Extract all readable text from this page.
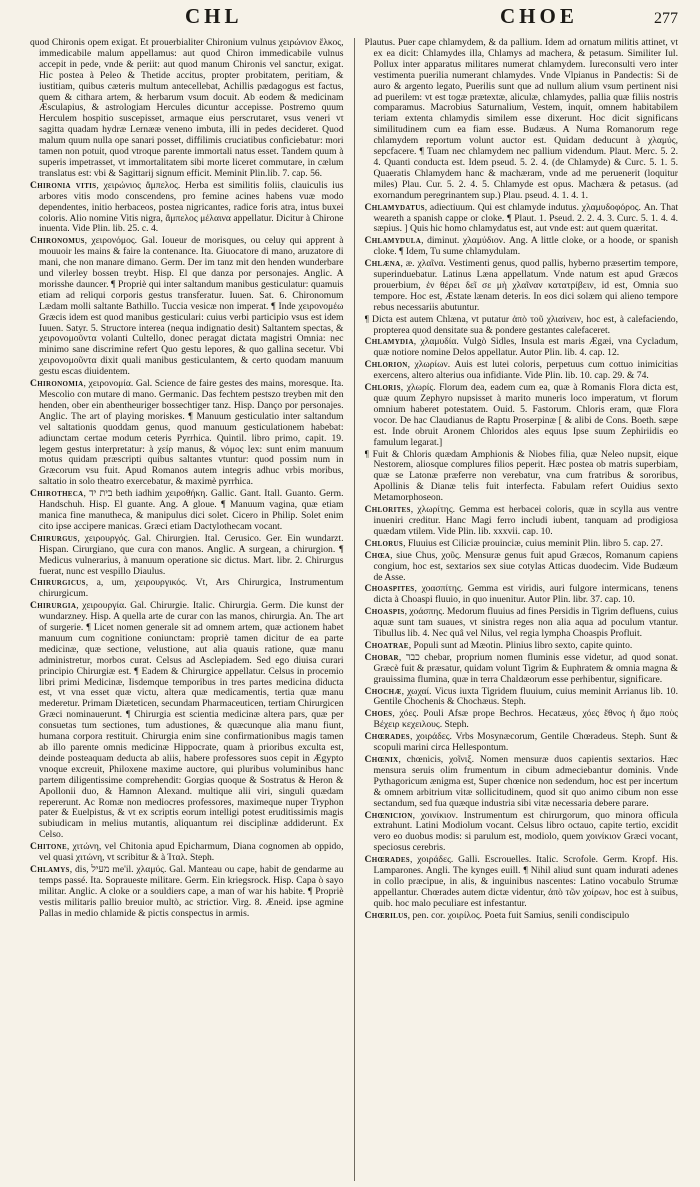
CHL	CHOE	277

quod Chironis opem exigat. Et prouerbialiter Chironium vulnus χειρώνιον ἕλκος, immedicabile malum appellamus: aut quod Chiron immedicabile vulnus accepit in pede, vnde & periit: aut quod manum Chironis vel sanctur, exigat. Hic postea à Peleo & Thetide accitus, propter probitatem, peritiam, & iustitiam, quibus cæteris multum antecellebat, Achillis pædagogus est factus, quem & cithara artem, & herbarum vsum docuit. Ab eodem & medicinam Æsculapius, & astrologiam Hercules dicuntur accepisse. Postremo quum Herculem hospitio suscepisset, armaque eius perscrutaret, vsus veneri vt sagitta quadam hydræ Lernææ veneno imbuta, illi in pedes decideret. Quod malum quum nulla ope sanari posset, diffilimis cruciatibus conficiebatur: mori tamen non potuit, quod vtroque parente immortali natus esset. Tandem quum à superis impetrasset, vt immortalitatem sibi morte liceret commutare, in cælum translatus est: vbi & Sagittarij signum efficit. Meminit Plin.lib. 7. cap. 56.

Chironia vitis, χειρώνιος ἄμπελος. Herba est similitis foliis, clauiculis ius arbores vitis modo conscendens, pro femine acines habens vuæ modo dependentes, initio herbaceos, postea nigricantes, radice foris atra, intus buxei coloris. Alio nomine Vitis nigra, ἄμπελος μέλαινα appellatur. Dicitur à Chirone inuenta. Vide Plin. lib. 25. c. 4.

Chironomus, χειρονόμος. Gal. Ioueur de morisques, ou celuy qui apprent à mouuoir les mains & faire la contenance. Ita. Giuocatore di mano, aruzatore di mani, che non manare dimano. Germ. Der im tanz mit den henden wunderbare und vilerley bossen treybt. Hisp. El que danza por personajes. Anglic. A morisshe dauncer. ¶ Propriè qui inter saltandum manibus gesticulatur: quamuis etiam ad reliqui corporis gestus transferatur. Iuuen. Sat. 6. Chironomum Lædam molli saltante Bathillo. Tuccia vesicæ non imperat. ¶ Inde χειρονομέω Græcis idem est quod manibus gesticulari: cuius verbi participio vsus est idem Iuuen. Satyr. 5. Structore interea (nequa indignatio desit) Saltantem spectas, & χειρονομοῦντα volanti Cultello, donec peragat dictata magistri Omnia: nec minimo sane discrimine refert Quo gestu lepores, & quo gallina secetur. Vbi χειρονομοῦντα dixit quali manibus gesticulantem, & certo quodam manuum gestu escas diuidentem.

Chironomia, χειρονομία. Gal. Science de faire gestes des mains, moresque. Ita. Mescolio con mutare di mano. Germanic. Das fechtem pestszo treyben mit den henden, ober ein abentheuriger bossechtiger tanz. Hisp. Danço por personajes. Anglic. The art of playing moriskes. ¶ Manuum gesticulatio inter saltandum vel saltationis quoddam genus, quod manuum gesticulationem habebat: adiunctam certae modum ceteris Pyrrhica. Quintil. libro primo, capit. 19. legem gestus interpretatur: à χείρ manus, & νόμος lex: sunt enim manuum motus quidam præscripti quibus saltantes vtuntur: quod possim num in Græcorum vsu fuit. Apud Romanos autem integris adhuc vrbis moribus, saltatio in solo theatro exercebatur, & maximè pyrrhica.

Chirotheca, בית יד beth iadhim χειροθήκη. Gallic. Gant. Itall. Guanto. Germ. Handschuh. Hisp. El guante. Ang. A gloue. ¶ Manuum vagina, quæ etiam manica fine manutheca, & manipulus dici solet. Cicero in Philip. Solet enim cito ipse accipere manicas. Græci etiam Dactylothecam vocant.

Chirurgus, χειρουργός. Gal. Chirurgien. Ital. Cerusico. Ger. Ein wundarzt. Hispan. Cirurgiano, que cura con manos. Anglic. A surgean, a chirurgion. ¶ Medicus vulnerarius, à manuum operatione sic dictus. Mart. libr. 2. Chirurgus fuerat, nunc est vespillo Diaulus.

Chirurgicus, a, um, χειρουργικός. Vt, Ars Chirurgica, Instrumentum chirurgicum.

Chirurgia, χειρουργία. Gal. Chirurgie. Italic. Chirurgia. Germ. Die kunst der wundarzney. Hisp. A quella arte de curar con las manos, chirurgia. An. The art of surgerie. ¶ Licet nomen generale sit ad omnem artem, quæ actionem habet manuum cum cognitione coniunctam: propriè tamen dicitur de ea parte medicinæ, quæ sectione, velustione, aut alia quauis ratione, quæ manu administretur, morbos curat. Celsus ad Asclepiadem. Sed ego diuisa curari principio Chirurgiæ est. ¶ Eadem & Chirurgice appellatur. Celsus in procemio libri primi Medicinæ, Iisdemque temporibus in tres partes medicina diducta est, vt vna esset quæ victu, altera quæ medicamentis, tertia quæ manu mederetur. Primam Diæteticen, secundam Pharmaceuticen, tertiam Chirurgicen Græci nominauerunt. ¶ Chirurgia est scientia medicinæ altera pars, quæ per consuetas tum sectiones, tum adustiones, & quæcunque alia manu fiunt, humana corpora restituit. Chirurgia enim sine confirmationibus magis tamen ab illo parente omnis medicinæ Hippocrate, quam à prioribus exculta est, deinde posteaquam deducta ab aliis, habere professores suos cepit in Ægypto vnoque excreuit, Philoxene maxime auctore, qui pluribus voluminibus hanc partem diligentissime comprehendit: Gorgias quoque & Sostratus & Heron & Apollonii duo, & Hamnon Alexand. multique alii viri, singuli quædam repererunt. Ac Romæ non mediocres professores, maximeque nuper Tryphon pater & Euelpistus, & vt ex scriptis eorum intelligi potest eruditissimis magis subiudicam in melius mutantis, aliquantum rei disciplinæ addiderunt. Ex Celso.

Chitone, χιτώνη, vel Chitonia apud Epicharmum, Diana cognomen ab oppido, vel quasi χιτώνη, vt scribitur & à Ίταλ. Steph.

Chlamys, dis, מעיל me'il. χλαμύς. Gal. Manteau ou cape, habit de gendarme au temps passé. Ita. Sopraueste militare. Germ. Ein kriegsrock. Hisp. Capa ò sayo militar. Anglic. A cloke or a souldiers cape, a man of war his habite. ¶ Propriè vestis militaris pallio breuior multò, ac strictior. Virg. 8. Æneid. ipse agmine Pallas in medio chlamide & pictis conspectus in armis.

Plautus. Puer cape chlamydem, & da pallium. Idem ad ornatum militis attinet, vt ex ea dicit: Chlamydes illa, Chlamys ad machera, & petasum. Similiter Iul. Pollux inter apparatus militares numerat chlamydem. Iureconsulti vero inter vestimenta puerilia numerant chlamydes. Vnde Vlpianus in Pandectis: Si de auro & argento legato, Puerilis sunt que ad nullum alium vsum pertinent nisi ad puerilem: vt est togæ prætextæ, aliculæ, chlamydes, pallia quæ filiis nostris comparamus. Macrobius Saturnalium, Vestem, inquit, omnem habitabilem teriam extenta chlamydis similem esse dixerunt. Hoc dicit significans similitudinem cum ea fiam esse. Budæus. A Numa Romanorum rege chlamydem reportum volunt auctor est. Quidam deducunt à χλαμύς, sepcfacere. ¶ Tuam nec chlamydem nec pallium videndum. Plaut. Merc. 5. 2. 4. Quanti conducta est. Idem pseud. 5. 2. 4. (de Chlamyde) & Curc. 5. 1. 5. Quaeratis Chlamydem hanc & machæram, vnde ad me peruenerit (loquitur miles) Plau. Cur. 5. 2. 4. 5. Chlamyde est opus. Machæra & petasus. (ad exornandum peregrinantem sup.) Plau. pseud. 4. 1. 4. 1.

Chlamydatus, adiectiuum. Qui est chlamyde indutus. χλαμυδοφόρος. An. That weareth a spanish cappe or cloke. ¶ Plaut. 1. Pseud. 2. 2. 4. 3. Curc. 5. 1. 4. 4. sæpius. ] Quis hic homo chlamydatus est, aut vnde est: aut quem quæritat.

Chlamydula, diminut. χλαμύδιον. Ang. A little cloke, or a hoode, or spanish cloke. ¶ Idem, Tu sume chlamydulam.

Chlæna, æ. χλαῖνα. Vestimenti genus, quod pallis, hyberno præsertim tempore, superinduebatur. Latinus Læna appellatum. Vnde natum est apud Græcos prouerbium, ἐν θέρει δεῖ σε μὴ χλαῖναν κατατρίβειν, id est, Omnia suo tempore. Hoc est, Æstate lænam deteris. In eos dici solæm qui alieno tempore rebus necessariis abutuntur.

¶ Dicta est autem Chlæna, vt putatur ἀπὸ τοῦ χλιαίνειν, hoc est, à calefaciendo, propterea quod densitate sua & pondere gestantes calefaceret.

Chlamydia, χλαμυδία. Vulgò Sidles, Insula est maris Ægæi, vna Cycladum, quæ notiore nomine Delos appellatur. Autor Plin. lib. 4. cap. 12.

Chlorion, χλωρίων. Auis est lutei coloris, perpetuus cum cottuo inimicitias exercens, altero alterius oua infidiante. Vide Plin. lib. 10. cap. 29. & 74.

Chloris, χλωρίς. Florum dea, eadem cum ea, quæ à Romanis Flora dicta est, quæ quum Zephyro nupsisset à marito muneris loco imperatum, vt florum omnium haberet potestatem. Ouid. 5. Fastorum. Chloris eram, quæ Flora vocor. De hac Claudianus de Raptu Proserpinæ [ & alibi de Cons. Boeth. sæpe est. Inde obruit Aronem Chloridos ales equus Ipse suum Zephiriidis eo famulum legarat.]

¶ Fuit & Chloris quædam Amphionis & Niobes filia, quæ Neleo nupsit, eique Nestorem, aliosque complures filios peperit. Hæc postea ob matris superbiam, quæ se Latonæ præferre non verebatur, vna cum fratribus & sororibus, Apollinis & Dianæ telis fuit interfecta. Fabulam refert Ouidius sexto Metamorphoseon.

Chlorites, χλωρίτης. Gemma est herbacei coloris, quæ in scylla aus ventre inueniri creditur. Hanc Magi ferro includi iubent, tanquam ad prodigiosa quædam vtilem. Vide Plin. lib. xxxvii. cap. 10.

Chlorus, Fluuius est Ciliciæ prouinciæ, cuius meminit Plin. libro 5. cap. 27.

Chœa, siue Chus, χοῦς. Mensuræ genus fuit apud Græcos, Romanum capiens congium, hoc est, sextarios sex siue cotylas Atticas duodecim. Vide Budæum de Asse.

Choaspites, χοασπίτης. Gemma est viridis, auri fulgore intermicans, tenens dicta à Choaspi fluuio, in quo inuenitur. Autor Plin. libr. 37. cap. 10.

Choaspis, χοάσπης. Medorum fluuius ad fines Persidis in Tigrim defluens, cuius aquæ sunt tam suaues, vt sinistra reges non alia aqua ad poculum vtantur. Tibullus lib. 4. Nec quâ vel Nilus, vel regia lympha Choaspis Profluit.

Choatrae, Populi sunt ad Mæotin. Plinius libro sexto, capite quinto.

Chobar, כבר chebar, proprium nomen fluminis esse videtur, ad quod sonat. Græcè fuit & præsatur, quidam volunt Tigrim & Euphratem & omnia magna & grauissima flumina, quæ in terra Chaldæorum esse perhibentur, significare.

Chochæ, χωχαί. Vicus iuxta Tigridem fluuium, cuius meminit Arrianus lib. 10. Gentile Chochenis & Chochæus. Steph.

Choes, χόες. Pouli Afsæ prope Bechros. Hecatæus, χόες ἔθνος ἡ ἄμο ποὺς Βέχειρ κεχειλους. Steph.

Chœrades, χοιράδες. Vrbs Mosynæcorum, Gentile Chœradeus. Steph. Sunt & scopuli marini circa Hellespontum.

Chœnix, chœnicis, χοῖνιξ. Nomen mensuræ duos capientis sextarios. Hæc mensura seruis olim frumentum in cibum admeciebantur dominis. Vnde Pythagoricum ænigma est, Super chœnice non sedendum, hoc est per incertum & omnem arbitrium vitæ sollicitudinem, quod sit quo animo cibum non esse sectandum, sed fua quæque industria sibi vitæ necessaria debere parare.

Chœnicion, χοινίκιον. Instrumentum est chirurgorum, quo minora officula extrahunt. Latini Modiolum vocant. Celsus libro octauo, capite tertio, excidit vero eo duobus modis: si parulum est, modiolo, quem χοινίκιον Græci vocant, speciosus cerebris.

Chœrades, χοιράδες. Galli. Escrouelles. Italic. Scrofole. Germ. Kropf. His. Lamparones. Angli. The kynges euill. ¶ Nihil aliud sunt quam indurati adenes in collo præcipue, in alis, & inguinibus nascentes: Latino vocabulo Strumæ appellantur. Chœrades autem dictæ videntur, ἀπὸ τῶν χοίρων, hoc est à suibus, quib. hoc malo peculiare est infestantur.

Chœrilus, pen. cor. χοιρίλος. Poeta fuit Samius, senili condiscipulo
